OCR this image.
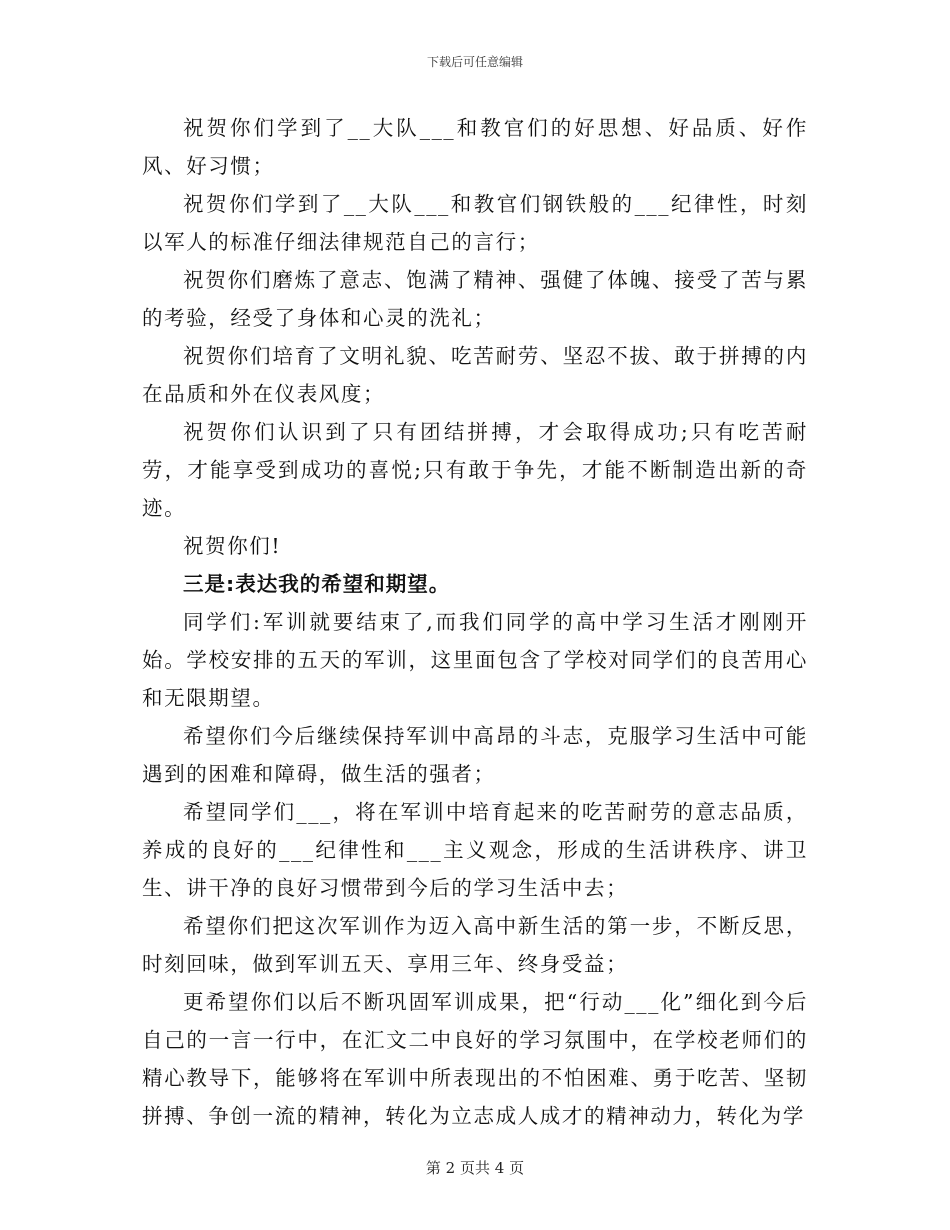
下载后可任意编辑

祝贺你们学到了__大队___和教官们的好思想、好品质、好作风、好习惯；

祝贺你们学到了__大队___和教官们钢铁般的___纪律性，时刻以军人的标准仔细法律规范自己的言行；

祝贺你们磨炼了意志、饱满了精神、强健了体魄、接受了苦与累的考验，经受了身体和心灵的洗礼；

祝贺你们培育了文明礼貌、吃苦耐劳、坚忍不拔、敢于拼搏的内在品质和外在仪表风度；

祝贺你们认识到了只有团结拼搏，才会取得成功;只有吃苦耐劳，才能享受到成功的喜悦;只有敢于争先，才能不断制造出新的奇迹。

祝贺你们!

三是:表达我的希望和期望。

同学们:军训就要结束了,而我们同学的高中学习生活才刚刚开始。学校安排的五天的军训，这里面包含了学校对同学们的良苦用心和无限期望。

希望你们今后继续保持军训中高昂的斗志，克服学习生活中可能遇到的困难和障碍，做生活的强者；

希望同学们___，将在军训中培育起来的吃苦耐劳的意志品质，养成的良好的___纪律性和___主义观念，形成的生活讲秩序、讲卫生、讲干净的良好习惯带到今后的学习生活中去；

希望你们把这次军训作为迈入高中新生活的第一步，不断反思，时刻回味，做到军训五天、享用三年、终身受益；

更希望你们以后不断巩固军训成果，把“行动___化”细化到今后自己的一言一行中，在汇文二中良好的学习氛围中，在学校老师们的精心教导下，能够将在军训中所表现出的不怕困难、勇于吃苦、坚韧拼搏、争创一流的精神，转化为立志成人成才的精神动力，转化为学

第 2 页共 4 页
